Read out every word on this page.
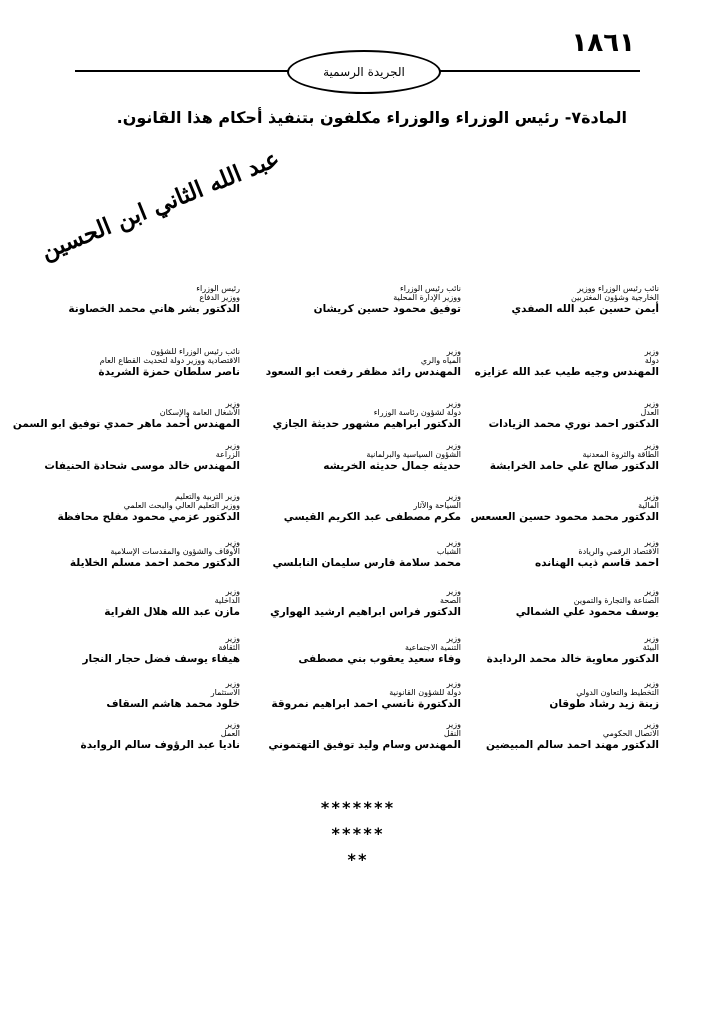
١٨٦١
الجريدة الرسمية
المادة٧- رئيس الوزراء والوزراء مكلفون بتنفيذ أحكام هذا القانون.
عبد الله الثاني ابن الحسين
رئيس الوزراء
ووزير الدفاع
الدكتور بشر هاني محمد الخصاونة
نائب رئيس الوزراء
ووزير الإدارة المحلية
توفيق محمود حسين كريشان
نائب رئيس الوزراء ووزير
الخارجية وشؤون المغتربين
أيمن حسين عبد الله الصفدي
نائب رئيس الوزراء للشؤون
الاقتصادية ووزير دولة لتحديث القطاع العام
ناصر سلطان حمزة الشريدة
وزير
المياه والري
المهندس رائد مظفر رفعت ابو السعود
وزير
دولة
المهندس وجيه طيب عبد الله عزايزه
وزير
الأشغال العامة والإسكان
المهندس أحمد ماهر حمدي توفيق ابو السمن
وزير
دولة لشؤون رئاسة الوزراء
الدكتور ابراهيم مشهور حديثة الجازي
وزير
العدل
الدكتور احمد نوري محمد الزيادات
وزير
الزراعة
المهندس خالد موسى شحادة الحنيفات
وزير
الشؤون السياسية والبرلمانية
حديثه جمال حديثه الخريشه
وزير
الطاقة والثروة المعدنية
الدكتور صالح علي حامد الخرابشة
وزير التربية والتعليم
ووزير التعليم العالي والبحث العلمي
الدكتور عزمي محمود مفلح محافظة
وزير
السياحة والآثار
مكرم مصطفى عبد الكريم القيسي
وزير
المالية
الدكتور محمد محمود حسين العسعس
وزير
الأوقاف والشؤون والمقدسات الإسلامية
الدكتور محمد احمد مسلم الخلايلة
وزير
الشباب
محمد سلامة فارس سليمان النابلسي
وزير
الاقتصاد الرقمي والريادة
احمد قاسم ذيب الهنانده
وزير
الداخلية
مازن عبد الله هلال الفراية
وزير
الصحة
الدكتور فراس ابراهيم ارشيد الهواري
وزير
الصناعة والتجارة والتموين
يوسف محمود علي الشمالي
وزير
الثقافة
هيفاء يوسف فضل حجار النجار
وزير
التنمية الاجتماعية
وفاء سعيد يعقوب بني مصطفى
وزير
البيئة
الدكتور معاوية خالد محمد الردايدة
وزير
الاستثمار
خلود محمد هاشم السقاف
وزير
دولة للشؤون القانونية
الدكتورة نانسي احمد ابراهيم نمروقة
وزير
التخطيط والتعاون الدولي
زينة زيد رشاد طوقان
وزير
العمل
ناديا عبد الرؤوف سالم الروابدة
وزير
النقل
المهندس وسام وليد توفيق التهتموني
وزير
الاتصال الحكومي
الدكتور مهند احمد سالم المبيضين
*******
*****
**
